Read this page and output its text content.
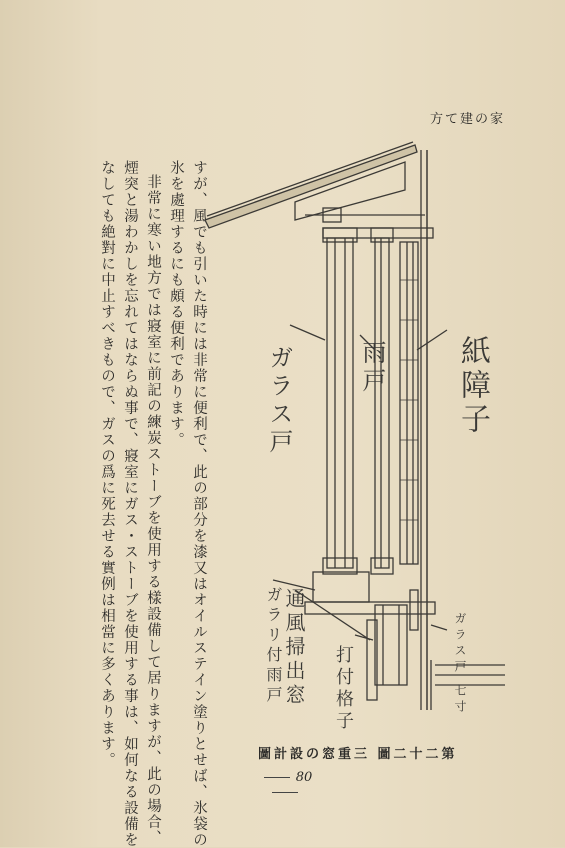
方て建の家

すが、風でも引いた時には非常に便利で、此の部分を漆又はオイルステイン塗りとせば、氷袋の

氷を處理するにも頗る便利であります。

非常に寒い地方では寢室に前記の練炭ストーブを使用する樣設備して居りますが、此の場合、

煙突と湯わかしを忘れてはならぬ事で、寢室にガス・ストーブを使用する事は、如何なる設備を

なしても絶對に中止すべきもので、ガスの爲に死去せる實例は相當に多くあります。	紙障子
雨戸
ガラス戸
ガラス戸 七寸
通風掃出窓
ガラリ付雨戸	打付格子
圖計設の窓重三 圖二十二第
80
